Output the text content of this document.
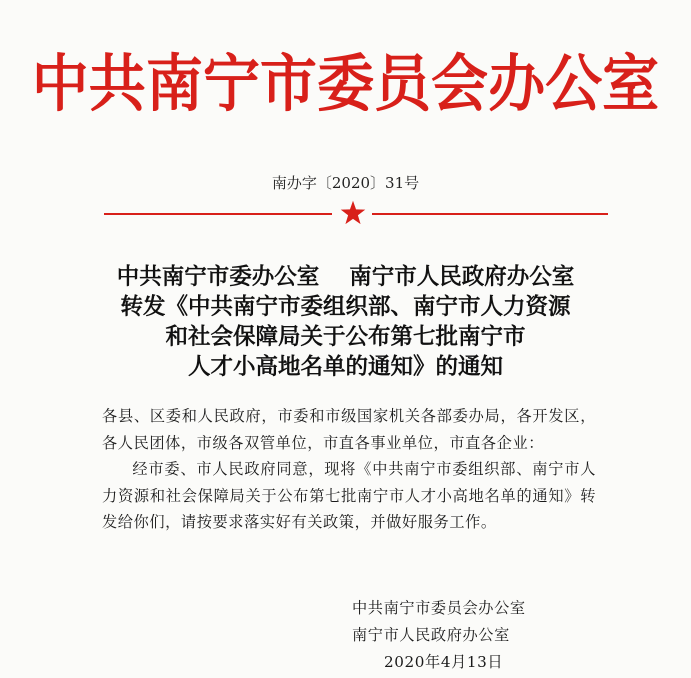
中共南宁市委员会办公室
南办字〔2020〕31号
中共南宁市委办公室 南宁市人民政府办公室
转发《中共南宁市委组织部、南宁市人力资源
和社会保障局关于公布第七批南宁市
人才小高地名单的通知》的通知

各县、区委和人民政府，市委和市级国家机关各部委办局，各开发区，各人民团体，市级各双管单位，市直各事业单位，市直各企业：

经市委、市人民政府同意，现将《中共南宁市委组织部、南宁市人力资源和社会保障局关于公布第七批南宁市人才小高地名单的通知》转发给你们，请按要求落实好有关政策，并做好服务工作。

中共南宁市委员会办公室
南宁市人民政府办公室
2020年4月13日
